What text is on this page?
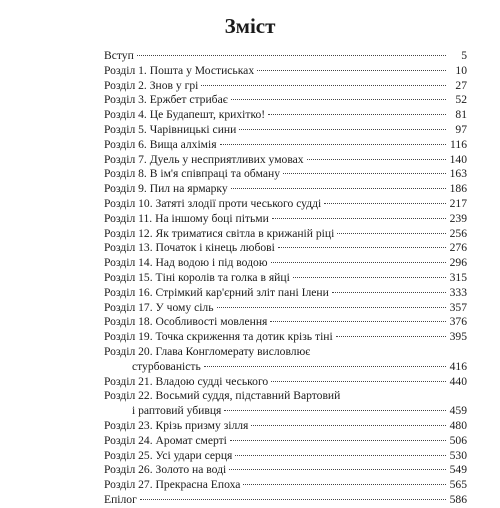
Зміст
Вступ	5
Розділ 1. Пошта у Мостиськах	10
Розділ 2. Знов у грі	27
Розділ 3. Ержбет стрибає	52
Розділ 4. Це Будапешт, крихітко!	81
Розділ 5. Чарівницькі сини	97
Розділ 6. Вища алхімія	116
Розділ 7. Дуель у несприятливих умовах	140
Розділ 8. В ім'я співпраці та обману	163
Розділ 9. Пил на ярмарку	186
Розділ 10. Затяті злодії проти чеського судді	217
Розділ 11. На іншому боці пітьми	239
Розділ 12. Як триматися світла в крижаній ріці	256
Розділ 13. Початок і кінець любові	276
Розділ 14. Над водою і під водою	296
Розділ 15. Тіні королів та голка в яйці	315
Розділ 16. Стрімкий кар'єрний зліт пані Ілени	333
Розділ 17. У чому сіль	357
Розділ 18. Особливості мовлення	376
Розділ 19. Точка скриження та дотик крізь тіні	395
Розділ 20. Глава Конгломерату висловлює
стурбованість	416
Розділ 21. Владою судді чеського	440
Розділ 22. Восьмий суддя, підставний Вартовий
і раптовий убивця	459
Розділ 23. Крізь призму зілля	480
Розділ 24. Аромат смерті	506
Розділ 25. Усі удари серця	530
Розділ 26. Золото на воді	549
Розділ 27. Прекрасна Епоха	565
Епілог	586
